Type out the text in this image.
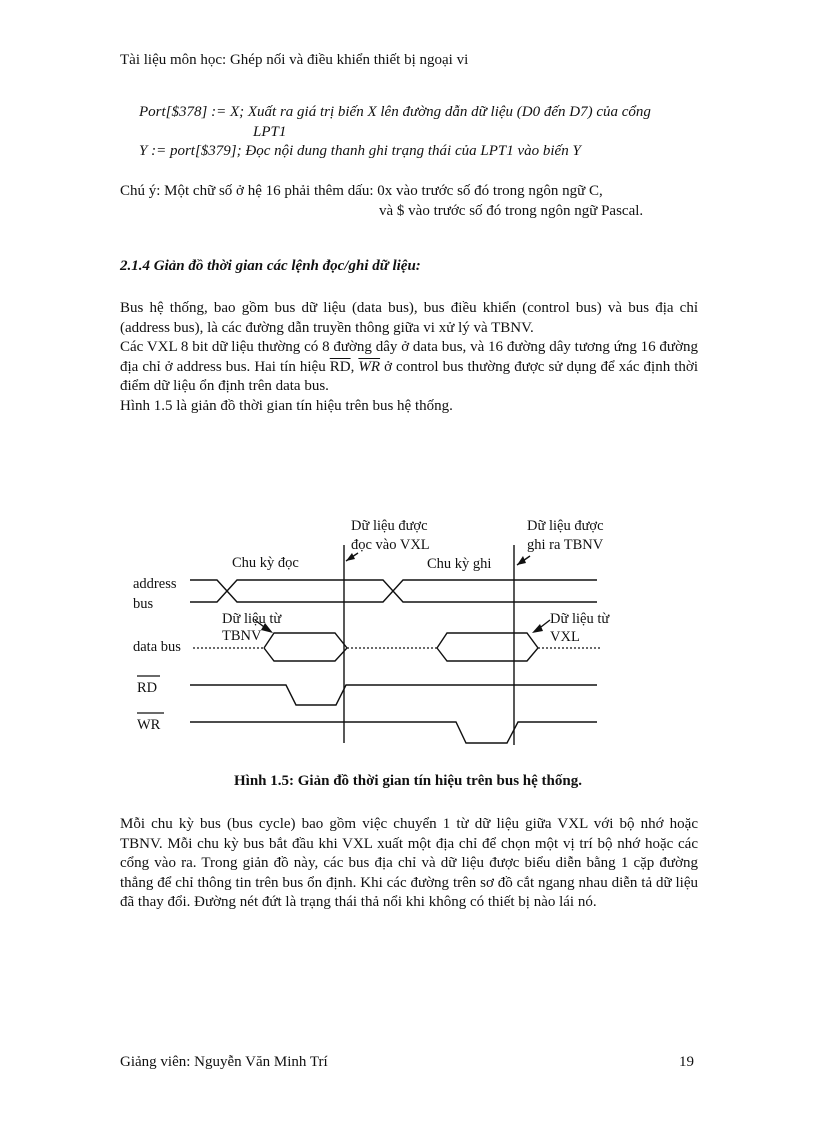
Tài liệu môn học: Ghép nối và điều khiển thiết bị ngoại vi
Port[$378] := X; Xuất ra giá trị biến X lên đường dẫn dữ liệu (D0 đến D7) của cổng
LPT1
Y := port[$379]; Đọc nội dung thanh ghi trạng thái của LPT1 vào biến Y
Chú ý: Một chữ số ở hệ 16 phải thêm dấu: 0x vào trước số đó trong ngôn ngữ C,
và $ vào trước số đó trong ngôn ngữ Pascal.
2.1.4 Giản đồ thời gian các lệnh đọc/ghi dữ liệu:
Bus hệ thống, bao gồm bus dữ liệu (data bus), bus điều khiển (control bus) và bus địa chỉ (address bus), là các đường dẫn truyền thông giữa vi xử lý và TBNV.
Các VXL 8 bit dữ liệu thường có 8 đường dây ở data bus, và 16 đường dây tương ứng 16 đường địa chỉ ở address bus. Hai tín hiệu $\overline{RD}$, $\overline{WR}$ ở control bus thường được sử dụng để xác định thời điểm dữ liệu ổn định trên data bus.
Hình 1.5 là giản đồ thời gian tín hiệu trên bus hệ thống.
Dữ liệu được
đọc vào VXL
Dữ liệu được
ghi ra TBNV
Chu kỳ đọc	Chu kỳ ghi
address
bus
Dữ liệu từ
TBNV
Dữ liệu từ
VXL
data bus
RD
WR
Hình 1.5: Giản đồ thời gian tín hiệu trên bus hệ thống.
Mỗi chu kỳ bus (bus cycle) bao gồm việc chuyển 1 từ dữ liệu giữa VXL với bộ nhớ hoặc TBNV. Mỗi chu kỳ bus bắt đầu khi VXL xuất một địa chỉ để chọn một vị trí bộ nhớ hoặc các cổng vào ra. Trong giản đồ này, các bus địa chỉ và dữ liệu được biểu diễn bằng 1 cặp đường thẳng để chỉ thông tin trên bus ổn định. Khi các đường trên sơ đồ cắt ngang nhau diễn tả dữ liệu đã thay đổi. Đường nét đứt là trạng thái thả nổi khi không có thiết bị nào lái nó.
Giảng viên: Nguyễn Văn Minh Trí	19
